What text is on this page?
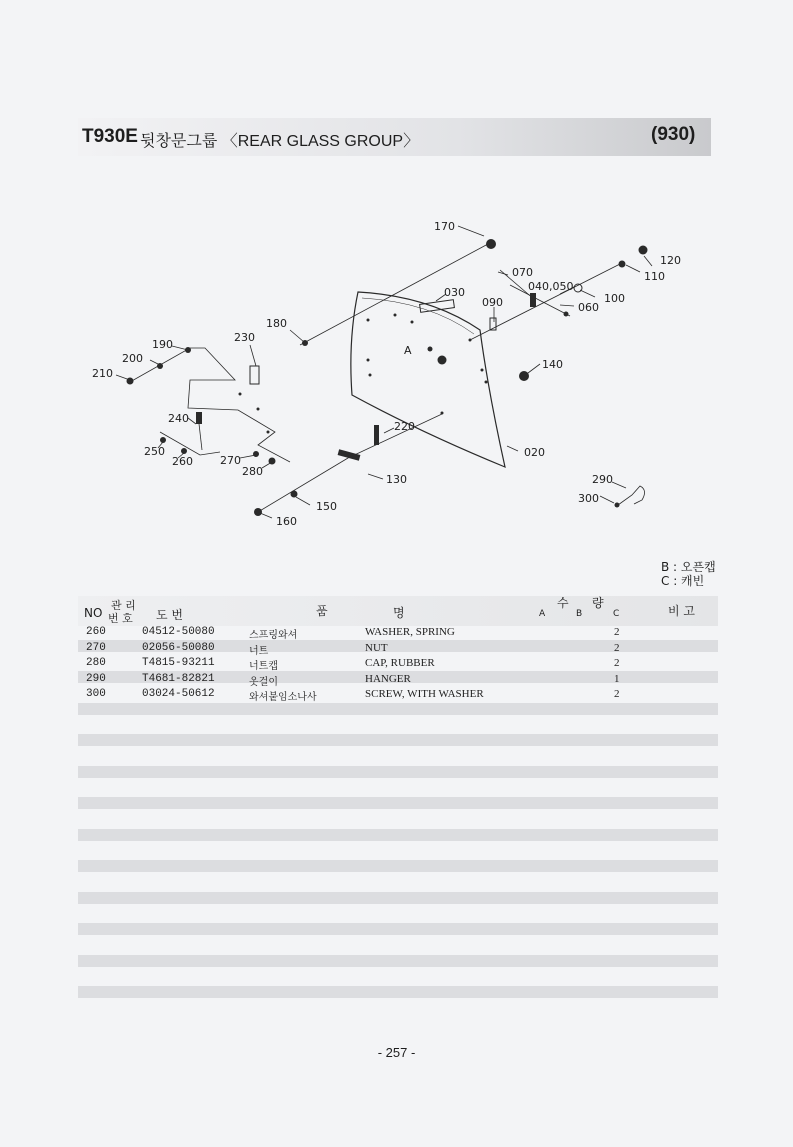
T930E 뒷창문그룹 〈REAR GLASS GROUP〉	(930)
170
120
110
070
040,050
100
030
090	060
180
230
190
200
210
A
140
240
220
250
260 270
280
020
130	290
300
150
160
B : 오픈캡
C : 캐빈
NO
관 리
번 호 도 번	품	명
수 량
A	B	C	비 고
260	04512-50080	스프링와셔	WASHER, SPRING	2
270	02056-50080	너트	NUT	2
280	T4815-93211	너트캡	CAP, RUBBER	2
290	T4681-82821	옷걸이	HANGER	1
300	03024-50612	와셔붙임소나사	SCREW, WITH WASHER	2
- 257 -
